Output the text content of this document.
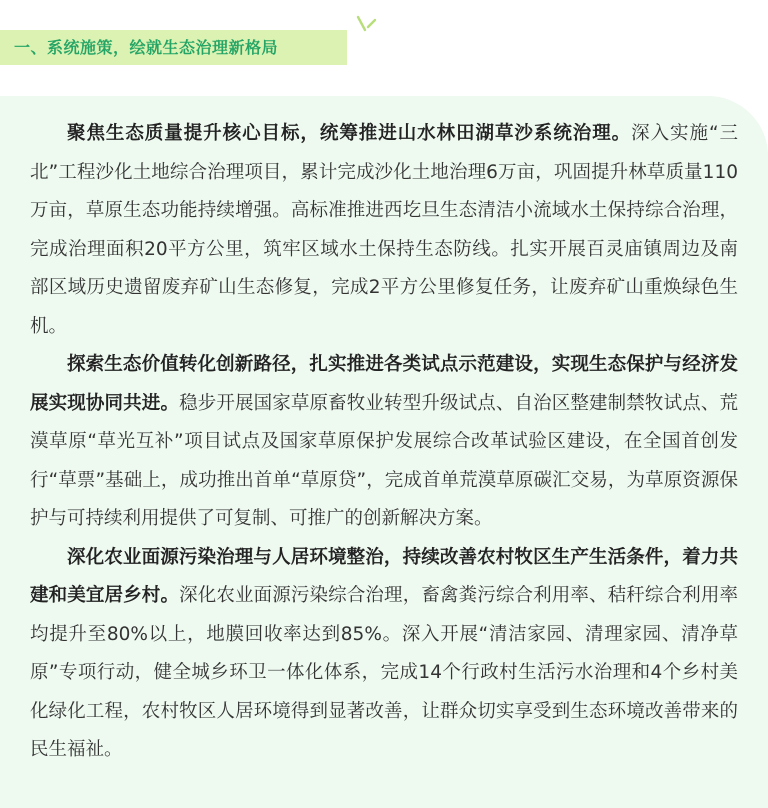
一、系统施策，绘就生态治理新格局

聚焦生态质量提升核心目标，统筹推进山水林田湖草沙系统治理。深入实施“三北”工程沙化土地综合治理项目，累计完成沙化土地治理6万亩，巩固提升林草质量110万亩，草原生态功能持续增强。高标准推进西圪旦生态清洁小流域水土保持综合治理，完成治理面积20平方公里，筑牢区域水土保持生态防线。扎实开展百灵庙镇周边及南部区域历史遗留废弃矿山生态修复，完成2平方公里修复任务，让废弃矿山重焕绿色生机。

探索生态价值转化创新路径，扎实推进各类试点示范建设，实现生态保护与经济发展实现协同共进。稳步开展国家草原畜牧业转型升级试点、自治区整建制禁牧试点、荒漠草原“草光互补”项目试点及国家草原保护发展综合改革试验区建设，在全国首创发行“草票”基础上，成功推出首单“草原贷”，完成首单荒漠草原碳汇交易，为草原资源保护与可持续利用提供了可复制、可推广的创新解决方案。

深化农业面源污染治理与人居环境整治，持续改善农村牧区生产生活条件，着力共建和美宜居乡村。深化农业面源污染综合治理，畜禽粪污综合利用率、秸秆综合利用率均提升至80%以上，地膜回收率达到85%。深入开展“清洁家园、清理家园、清净草原”专项行动，健全城乡环卫一体化体系，完成14个行政村生活污水治理和4个乡村美化绿化工程，农村牧区人居环境得到显著改善，让群众切实享受到生态环境改善带来的民生福祉。
